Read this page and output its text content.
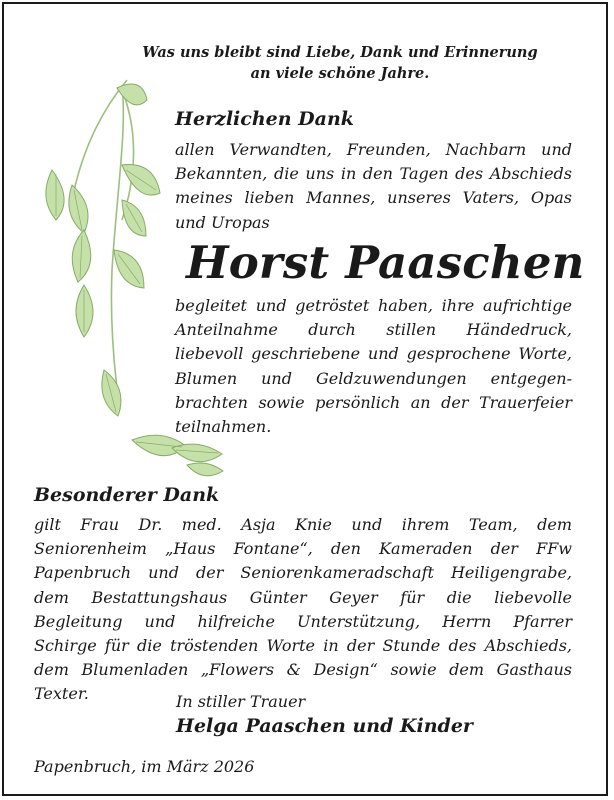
Was uns bleibt sind Liebe, Dank und Erinnerung
an viele schöne Jahre.
Herzlichen Dank
allen Verwandten, Freunden, Nachbarn und
Bekannten, die uns in den Tagen des Abschieds
meines lieben Mannes, unseres Vaters, Opas
und Uropas
Horst Paaschen
begleitet und getröstet haben, ihre aufrichtige
Anteilnahme durch stillen Händedruck,
liebevoll geschriebene und gesprochene Worte,
Blumen und Geldzuwendungen entgegen-
brachten sowie persönlich an der Trauerfeier
teilnahmen.
Besonderer Dank
gilt Frau Dr. med. Asja Knie und ihrem Team, dem
Seniorenheim „Haus Fontane“, den Kameraden der FFw
Papenbruch und der Seniorenkameradschaft Heiligengrabe,
dem Bestattungshaus Günter Geyer für die liebevolle
Begleitung und hilfreiche Unterstützung, Herrn Pfarrer
Schirge für die tröstenden Worte in der Stunde des Abschieds,
dem Blumenladen „Flowers & Design“ sowie dem Gasthaus
Texter.	In stiller Trauer
Helga Paaschen und Kinder
Papenbruch, im März 2026
